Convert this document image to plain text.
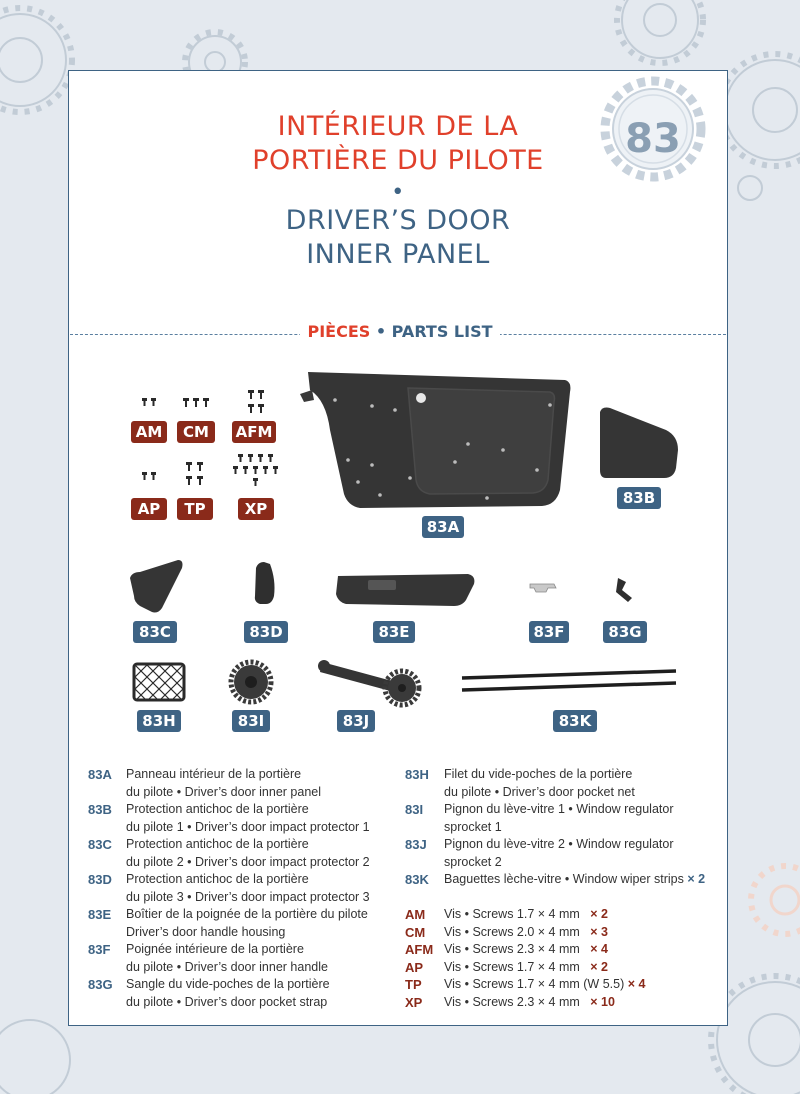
83
INTÉRIEUR DE LA
PORTIÈRE DU PILOTE
•
DRIVER’S DOOR
INNER PANEL
PIÈCES • PARTS LIST
AM	CM	AFM
AP	TP	XP
83A
83B
83C	83D	83E	83F	83G
83H	83I	83J	83K
83A Panneau intérieur de la portière
du pilote • Driver’s door inner panel
83B Protection antichoc de la portière
du pilote 1 • Driver’s door impact protector 1
83C Protection antichoc de la portière
du pilote 2 • Driver’s door impact protector 2
83D Protection antichoc de la portière
du pilote 3 • Driver’s door impact protector 3
83E Boîtier de la poignée de la portière du pilote
Driver’s door handle housing
83F Poignée intérieure de la portière
du pilote • Driver’s door inner handle
83G Sangle du vide-poches de la portière
du pilote • Driver’s door pocket strap
83H Filet du vide-poches de la portière
du pilote • Driver’s door pocket net
83I Pignon du lève-vitre 1 • Window regulator
sprocket 1
83J Pignon du lève-vitre 2 • Window regulator
sprocket 2
83K Baguettes lèche-vitre • Window wiper strips × 2
AM Vis • Screws 1.7 × 4 mm × 2
CM Vis • Screws 2.0 × 4 mm × 3
AFM Vis • Screws 2.3 × 4 mm × 4
AP Vis • Screws 1.7 × 4 mm × 2
TP Vis • Screws 1.7 × 4 mm (W 5.5) × 4
XP Vis • Screws 2.3 × 4 mm × 10
